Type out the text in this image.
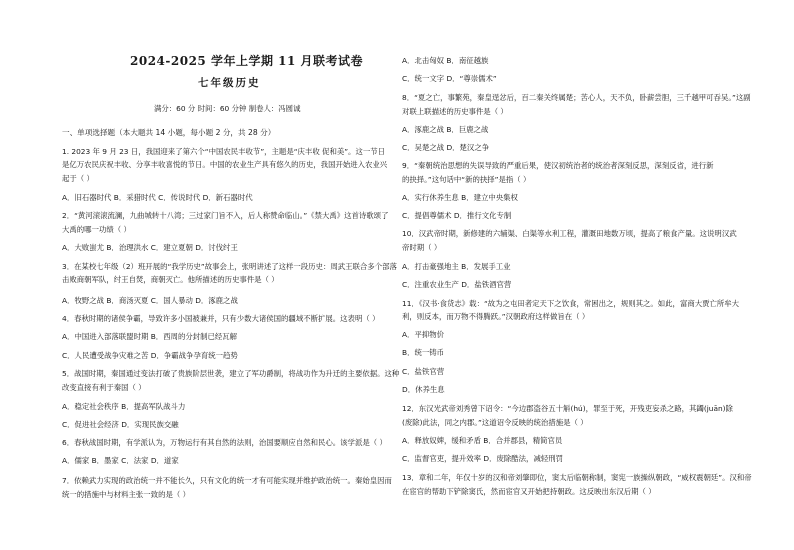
2024-2025 学年上学期 11 月联考试卷
七年级历史
满分：60 分 时间：60 分钟 制卷人：冯圆诚
一、单项选择题（本大题共 14 小题，每小题 2 分，共 28 分）
1. 2023 年 9 月 23 日，我国迎来了第六个“中国农民丰收节”，主题是“庆丰收 促和美”。这一节日
是亿万农民庆祝丰收、分享丰收喜悦的节日。中国的农业生产具有悠久的历史，我国开始进入农业兴
起于（ ）
A．旧石器时代 B．采猎时代 C．传说时代 D．新石器时代
2．“黄河滚滚流澜，九曲城转十八湾；三过家门旨不入，后人称赞命临山。”《禁大禹》这首诗歌颂了
大禹的哪一功绩（ ）
A．大败蚩尤 B．治理洪水 C．建立夏朝 D．讨伐纣王
3．在某校七年级（2）班开展的“我学历史”故事会上，张明讲述了这样一段历史：周武王联合多个部落
击败商朝军队，纣王自焚，商朝灭亡。他所描述的历史事件是（ ）
A．牧野之战 B．商汤灭夏 C．国人暴动 D．涿鹿之战
4．春秋时期的诸侯争霸，导致许多小国被兼并，只有少数大诸侯国的疆域不断扩展。这表明（ ）
A．中国进入部落联盟时期 B．西周的分封制已经瓦解
C．人民遭受战争灾难之苦 D．争霸战争孕育统一趋势
5．战国时期，秦国通过变法打破了贵族阶层世袭，建立了军功爵制，将战功作为升迁的主要依据。这种
改变直接有利于秦国（ ）
A．稳定社会秩序 B．提高军队战斗力
C．促进社会经济 D．实现民族交融
6．春秋战国时期，有学派认为，万物运行有其自然的法则，治国要顺应自然和民心。该学派是（ ）
A．儒家 B．墨家 C．法家 D．道家
7．依赖武力实现的政治统一并不能长久，只有文化的统一才有可能实现并维护政治统一。秦始皇因而
统一的措施中与材料主张一致的是（ ）
A．北击匈奴 B．南征越族
C．统一文字 D．“尊崇儒术”
8．“夏之亡，事繁苑，秦皇逞忿后，百二秦关终属楚；苦心人，天不负，卧薪尝胆，三千越甲可吞吴。”这副
对联上联描述的历史事件是（ ）
A．涿鹿之战 B．巨鹿之战
C．吴楚之战 D．楚汉之争
9．“秦朝统治思想的失误导致的严重后果，使汉初统治者的统治者深刻反思，深刻反省，进行新
的抉择。”这句话中“新的抉择”是指（ ）
A．实行休养生息 B．建立中央集权
C．提倡尊儒术 D．推行文化专制
10．汉武帝时期，新修建的六辅渠、白渠等水利工程，灌溉田地数万顷，提高了粮食产量。这说明汉武
帝时期（ ）
A．打击豪强地主 B．发展手工业
C．注重农业生产 D．盐铁酒官营
11．《汉书·食货志》载：“故为之屯田者定天下之饮食，常困出之，规则其之。如此，富商大贾亡所牟大
利，则反本，而万物不得腾跃。”汉朝政府这样做旨在（ ）
A．平抑物价
B．统一铸币
C．盐铁官营
D．休养生息
12．东汉光武帝刘秀曾下诏令：“今边郡盗谷五十斛(hú)，罪至于死，开残吏妄杀之路，其蠲(juān)除
(废除)此法，同之内郡。”这道诏令反映的统治措施是（ ）
A．释放奴婢，缓和矛盾 B．合并郡县，精简官员
C．监督官吏，提升效率 D．废除酷法，减轻刑罚
13．章和二年，年仅十岁的汉和帝刘肇即位，窦太后临朝称制，窦宪一族操纵朝政，“威权震朝廷”。汉和帝
在宦官的帮助下铲除窦氏，然而宦官又开始把持朝政。这反映出东汉后期（ ）
